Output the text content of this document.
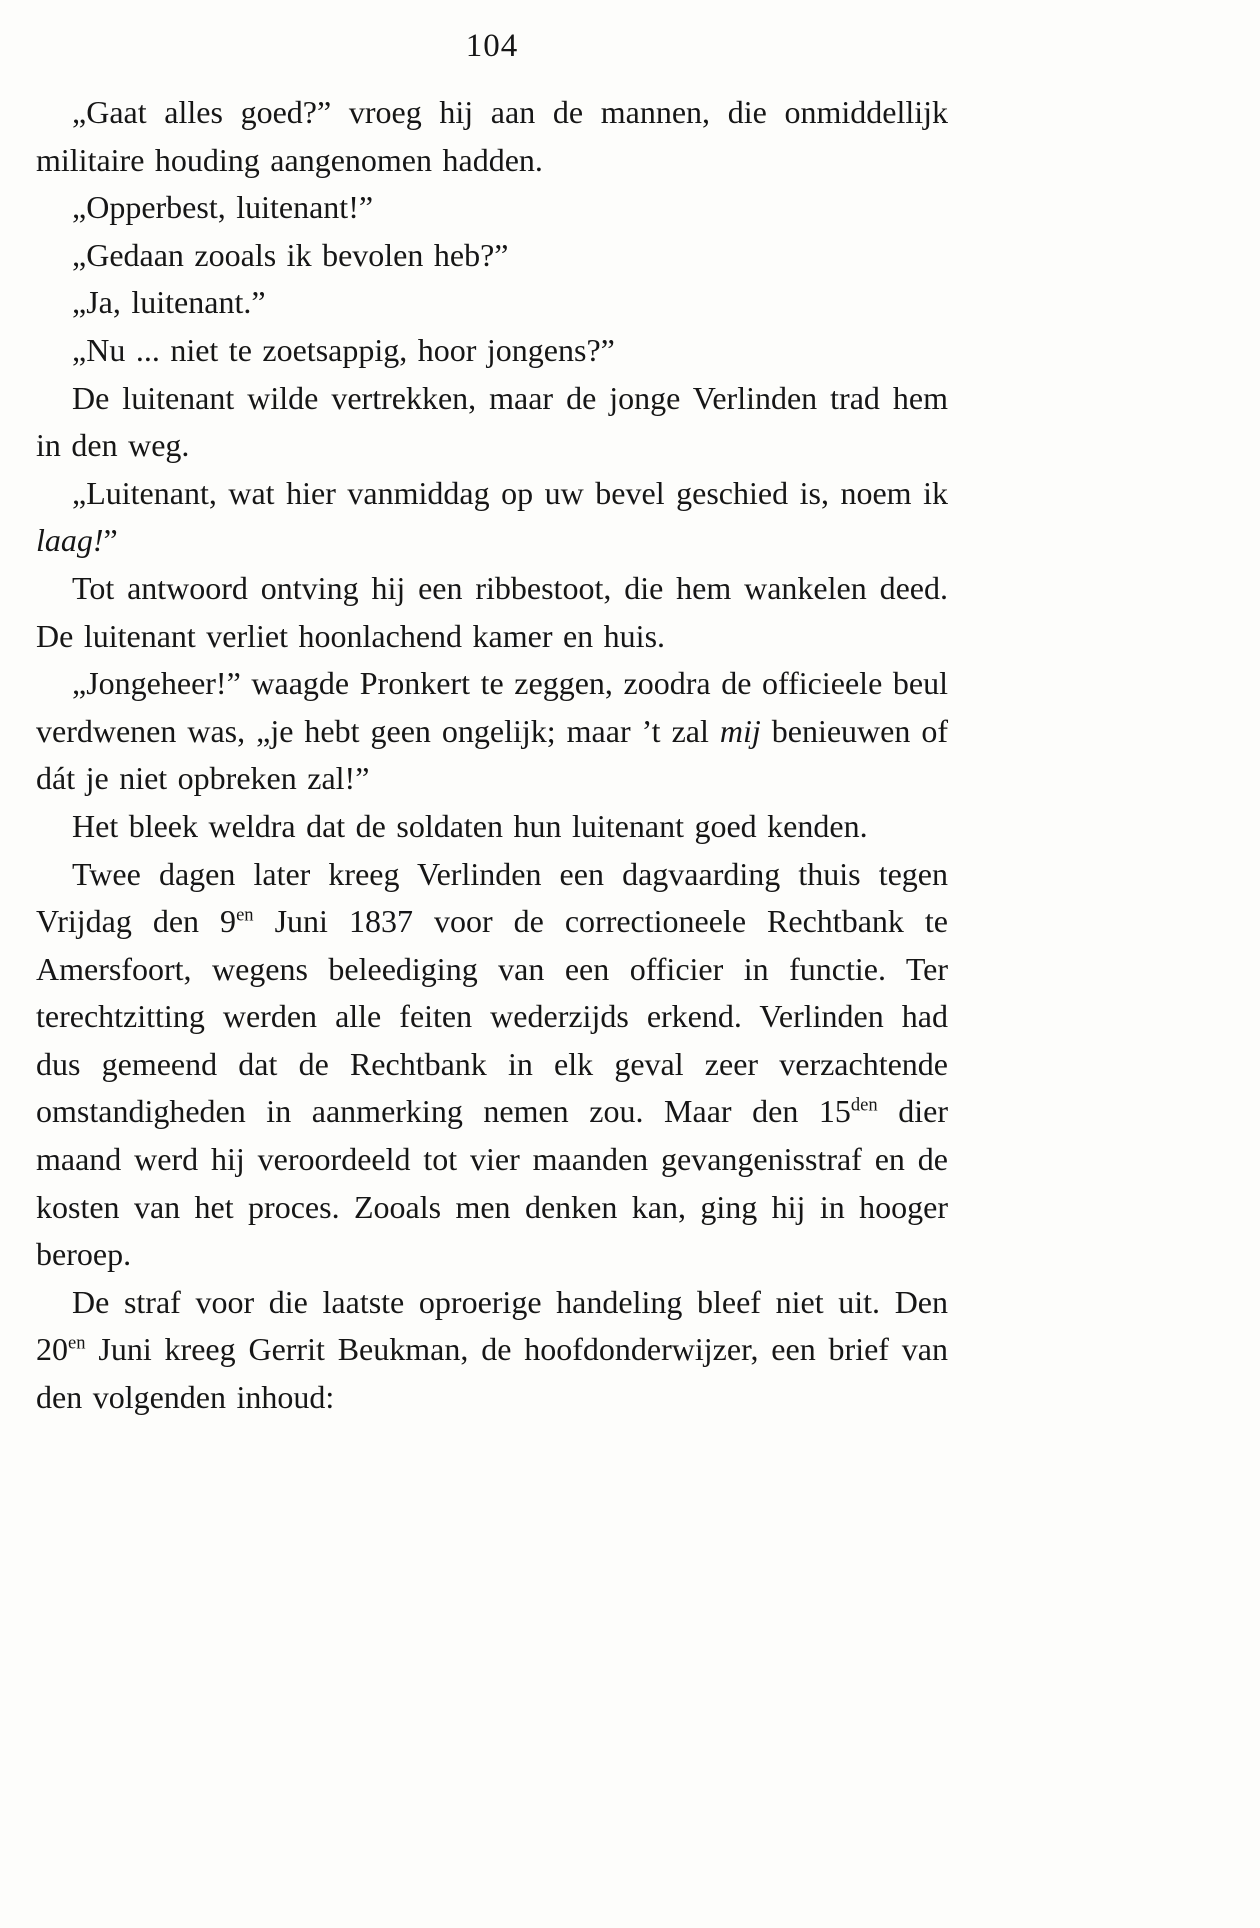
104

„Gaat alles goed?” vroeg hij aan de mannen, die onmiddellijk militaire houding aangenomen hadden.

„Opperbest, luitenant!”

„Gedaan zooals ik bevolen heb?”

„Ja, luitenant.”

„Nu ... niet te zoetsappig, hoor jongens?”

De luitenant wilde vertrekken, maar de jonge Verlinden trad hem in den weg.

„Luitenant, wat hier vanmiddag op uw bevel geschied is, noem ik laag!”

Tot antwoord ontving hij een ribbestoot, die hem wankelen deed. De luitenant verliet hoonlachend kamer en huis.

„Jongeheer!” waagde Pronkert te zeggen, zoodra de officieele beul verdwenen was, „je hebt geen ongelijk; maar ’t zal mij benieuwen of dát je niet opbreken zal!”

Het bleek weldra dat de soldaten hun luitenant goed kenden.

Twee dagen later kreeg Verlinden een dagvaarding thuis tegen Vrijdag den $9^{en}$ Juni 1837 voor de correctioneele Rechtbank te Amersfoort, wegens beleediging van een officier in functie. Ter terechtzitting werden alle feiten wederzijds erkend. Verlinden had dus gemeend dat de Rechtbank in elk geval zeer verzachtende omstandigheden in aanmerking nemen zou. Maar den $15^{den}$ dier maand werd hij veroordeeld tot vier maanden gevangenisstraf en de kosten van het proces. Zooals men denken kan, ging hij in hooger beroep.

De straf voor die laatste oproerige handeling bleef niet uit. Den $20^{en}$ Juni kreeg Gerrit Beukman, de hoofdonderwijzer, een brief van den volgenden inhoud:
